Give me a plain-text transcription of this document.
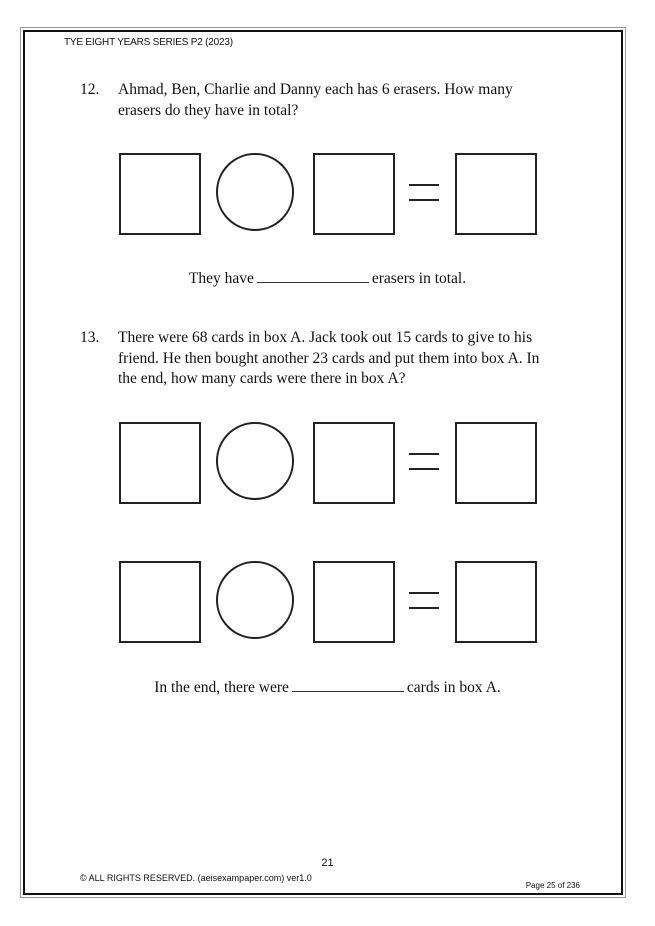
TYE EIGHT YEARS SERIES P2 (2023)
12. Ahmad, Ben, Charlie and Danny each has 6 erasers. How many erasers do they have in total?
They have	erasers in total.
13. There were 68 cards in box A. Jack took out 15 cards to give to his friend. He then bought another 23 cards and put them into box A. In the end, how many cards were there in box A?
In the end, there were	cards in box A.
21
© ALL RIGHTS RESERVED. (aeisexampaper.com) ver1.0
Page 25 of 236
